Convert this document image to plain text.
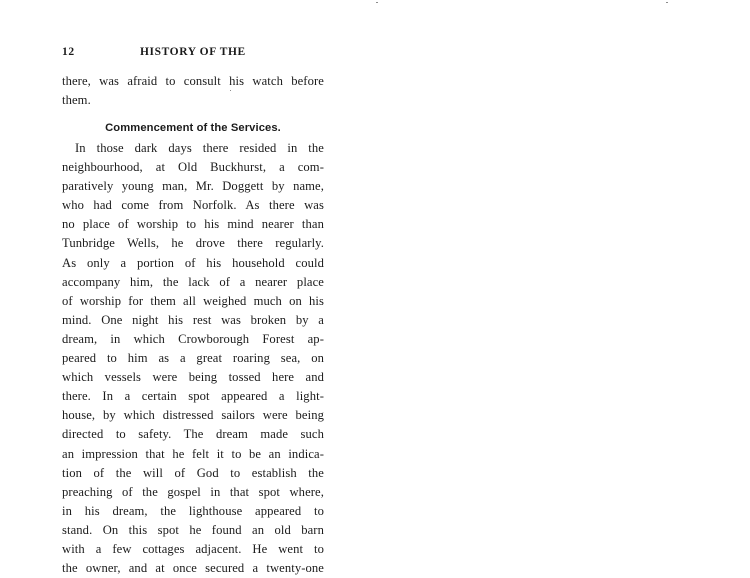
12	HISTORY OF THE
there, was afraid to consult his watch before
them.
Commencement of the Services.
In those dark days there resided in the
neighbourhood, at Old Buckhurst, a com-
paratively young man, Mr. Doggett by name,
who had come from Norfolk. As there was
no place of worship to his mind nearer than
Tunbridge Wells, he drove there regularly.
As only a portion of his household could
accompany him, the lack of a nearer place
of worship for them all weighed much on his
mind. One night his rest was broken by a
dream, in which Crowborough Forest ap-
peared to him as a great roaring sea, on
which vessels were being tossed here and
there. In a certain spot appeared a light-
house, by which distressed sailors were being
directed to safety. The dream made such
an impression that he felt it to be an indica-
tion of the will of God to establish the
preaching of the gospel in that spot where,
in his dream, the lighthouse appeared to
stand. On this spot he found an old barn
with a few cottages adjacent. He went to
the owner, and at once secured a twenty-one
